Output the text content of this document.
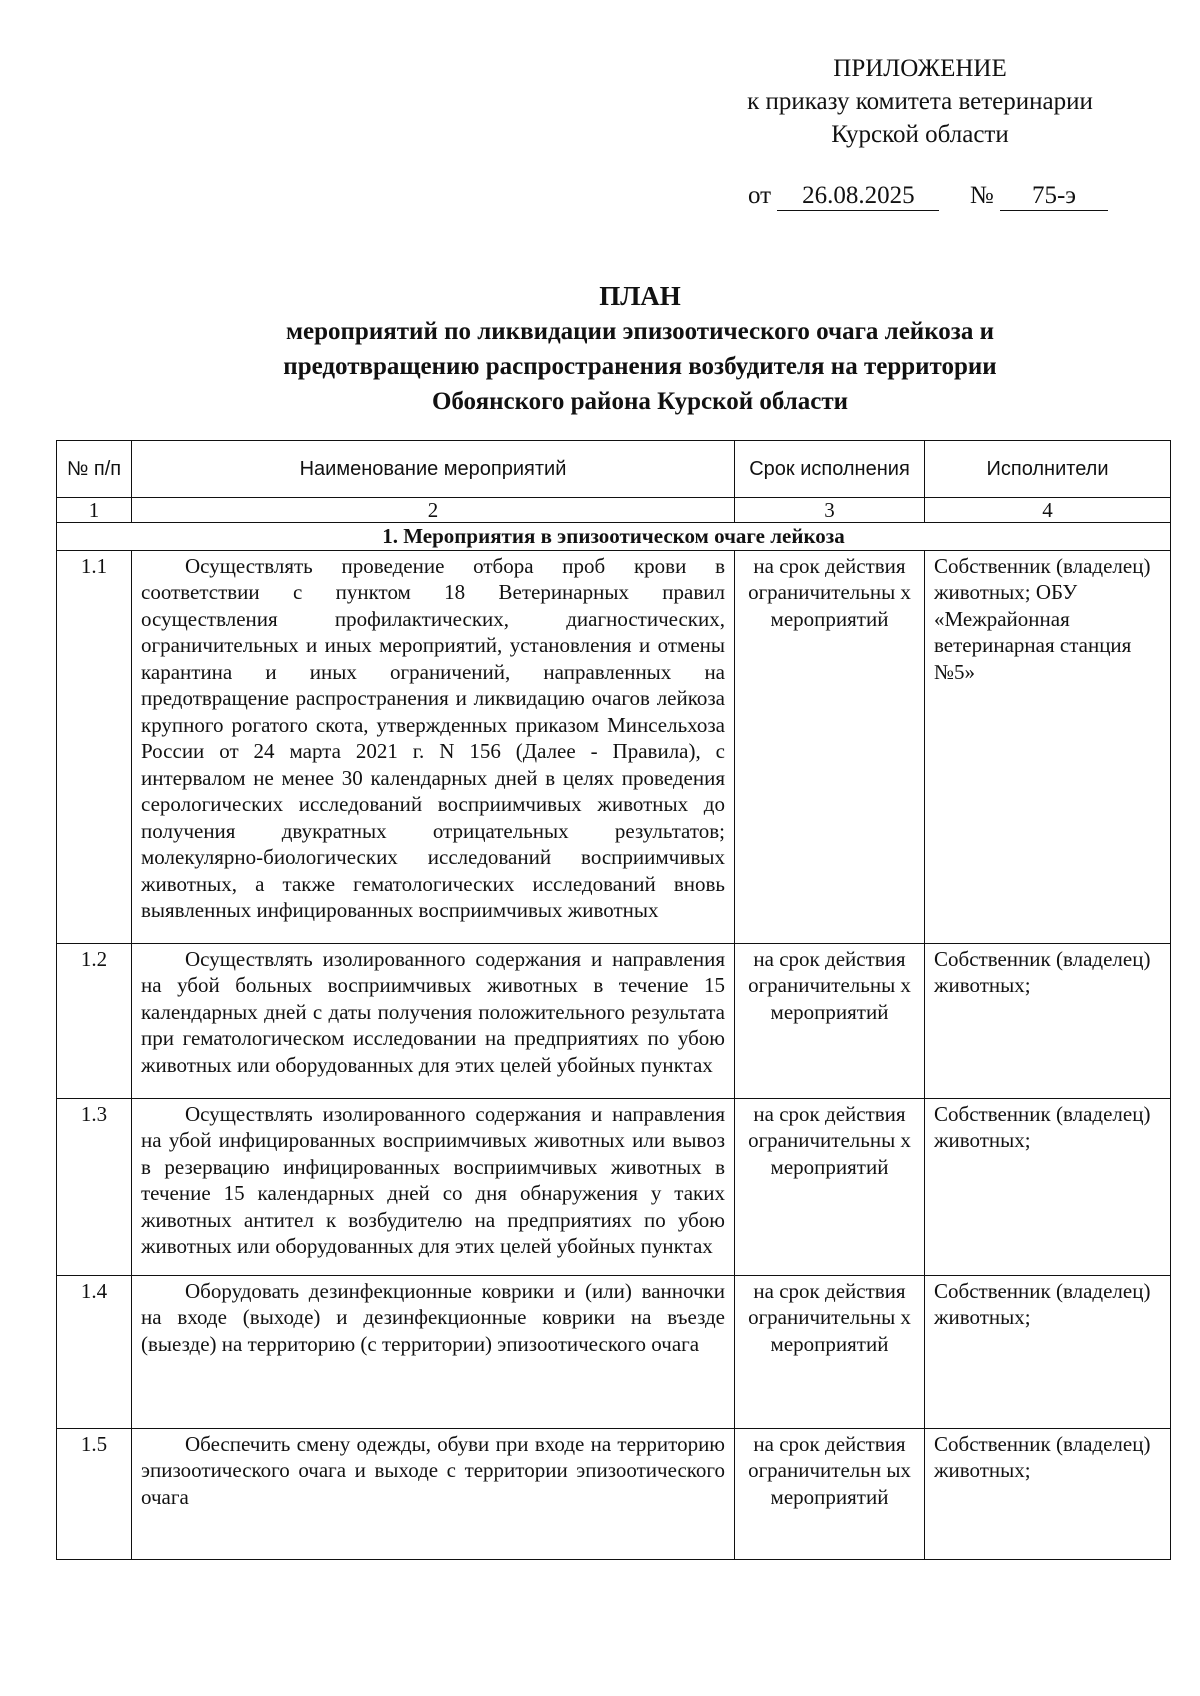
ПРИЛОЖЕНИЕ
к приказу комитета ветеринарии
Курской области
от 26.08.2025 № 75-э
ПЛАН
мероприятий по ликвидации эпизоотического очага лейкоза и
предотвращению распространения возбудителя на территории
Обоянского района Курской области
№ п/п	Наименование мероприятий	Срок исполнения	Исполнители
1	2	3	4
1. Мероприятия в эпизоотическом очаге лейкоза			
1.1	Осуществлять проведение отбора проб крови в соответствии с пунктом 18 Ветеринарных правил осуществления профилактических, диагностических, ограничительных и иных мероприятий, установления и отмены карантина и иных ограничений, направленных на предотвращение распространения и ликвидацию очагов лейкоза крупного рогатого скота, утвержденных приказом Минсельхоза России от 24 марта 2021 г. N 156 (Далее - Правила), с интервалом не менее 30 календарных дней в целях проведения серологических исследований восприимчивых животных до получения двукратных отрицательных результатов; молекулярно-биологических исследований восприимчивых животных, а также гематологических исследований вновь выявленных инфицированных восприимчивых животных	на срок действия ограничительны х мероприятий	Собственник (владелец) животных; ОБУ «Межрайонная ветеринарная станция №5»
1.2	Осуществлять изолированного содержания и направления на убой больных восприимчивых животных в течение 15 календарных дней с даты получения положительного результата при гематологическом исследовании на предприятиях по убою животных или оборудованных для этих целей убойных пунктах	на срок действия ограничительны х мероприятий	Собственник (владелец) животных;
1.3	Осуществлять изолированного содержания и направления на убой инфицированных восприимчивых животных или вывоз в резервацию инфицированных восприимчивых животных в течение 15 календарных дней со дня обнаружения у таких животных антител к возбудителю на предприятиях по убою животных или оборудованных для этих целей убойных пунктах	на срок действия ограничительны х мероприятий	Собственник (владелец) животных;
1.4	Оборудовать дезинфекционные коврики и (или) ванночки на входе (выходе) и дезинфекционные коврики на въезде (выезде) на территорию (с территории) эпизоотического очага	на срок действия ограничительны х мероприятий	Собственник (владелец) животных;
1.5	Обеспечить смену одежды, обуви при входе на территорию эпизоотического очага и выходе с территории эпизоотического очага	на срок действия ограничительн ых мероприятий	Собственник (владелец) животных;
